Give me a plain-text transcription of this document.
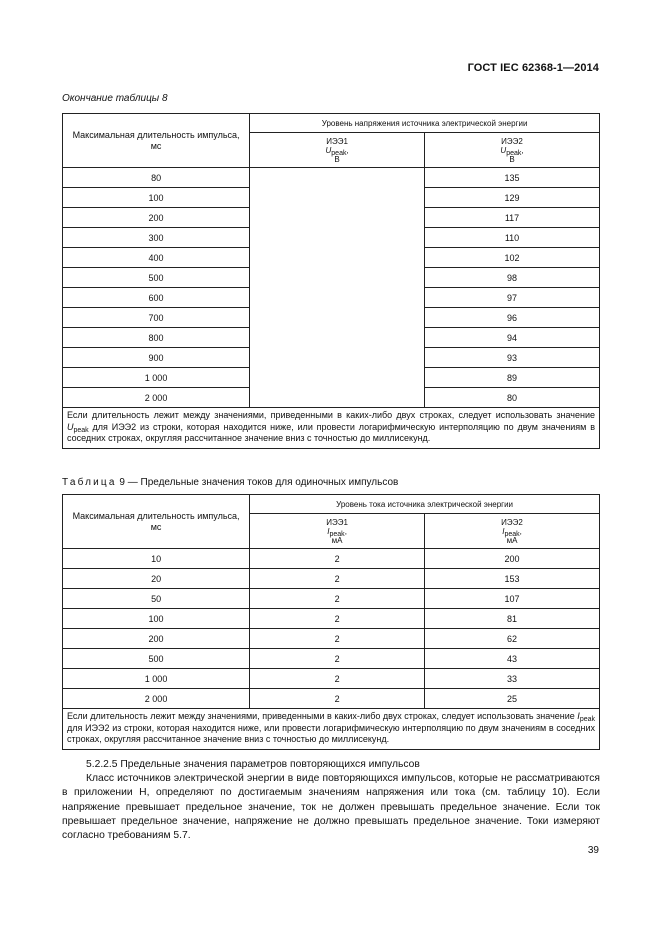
ГОСТ IEC 62368-1—2014
Окончание таблицы 8
Максимальная длительность импульса, мс	Уровень напряжения источника электрической энергии	
	ИЭЭ1
$U_{peak}$,
В	ИЭЭ2
$U_{peak}$,
В
80		135
100		129
200		117
300		110
400		102
500		98
600		97
700		96
800		94
900		93
1 000		89
2 000		80
Если длительность лежит между значениями, приведенными в каких-либо двух строках, следует использовать значение $U_{peak}$ для ИЭЭ2 из строки, которая находится ниже, или провести логарифмическую интерполяцию по двум значениям в соседних строках, округляя рассчитанное значение вниз с точностью до миллисекунд.		
Таблица 9 — Предельные значения токов для одиночных импульсов
Максимальная длительность импульса, мс	Уровень тока источника электрической энергии	
	ИЭЭ1
$I_{peak}$,
мА	ИЭЭ2
$I_{peak}$,
мА
10	2	200
20	2	153
50	2	107
100	2	81
200	2	62
500	2	43
1 000	2	33
2 000	2	25
Если длительность лежит между значениями, приведенными в каких-либо двух строках, следует использовать значение $I_{peak}$ для ИЭЭ2 из строки, которая находится ниже, или провести логарифмическую интерполяцию по двум значениям в соседних строках, округляя рассчитанное значение вниз с точностью до миллисекунд.		
5.2.2.5 Предельные значения параметров повторяющихся импульсов
Класс источников электрической энергии в виде повторяющихся импульсов, которые не рассматриваются в приложении Н, определяют по достигаемым значениям напряжения или тока (см. таблицу 10). Если напряжение превышает предельное значение, ток не должен превышать предельное значение. Если ток превышает предельное значение, напряжение не должно превышать предельное значение. Токи измеряют согласно требованиям 5.7.
39
